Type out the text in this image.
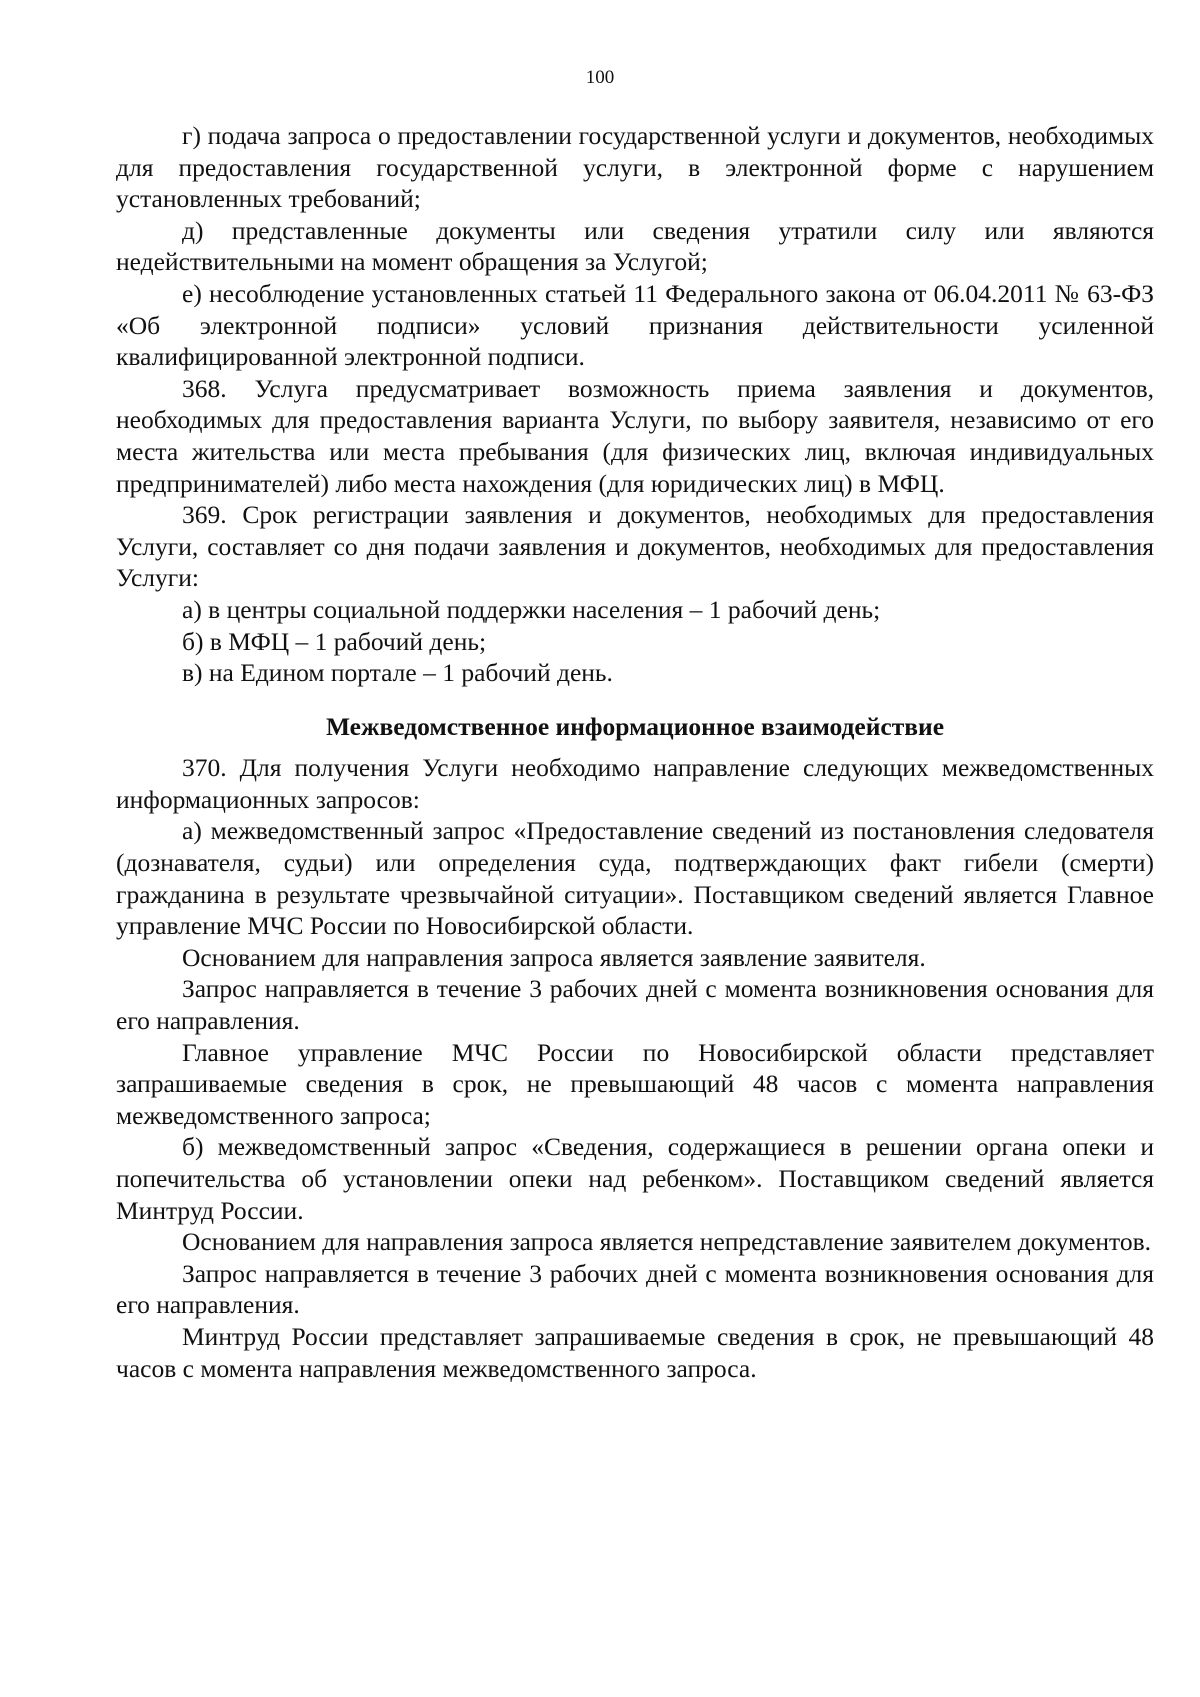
100

г) подача запроса о предоставлении государственной услуги и документов, необходимых для предоставления государственной услуги, в электронной форме с нарушением установленных требований;

д) представленные документы или сведения утратили силу или являются недействительными на момент обращения за Услугой;

е) несоблюдение установленных статьей 11 Федерального закона от 06.04.2011 № 63-ФЗ «Об электронной подписи» условий признания действительности усиленной квалифицированной электронной подписи.

368. Услуга предусматривает возможность приема заявления и документов, необходимых для предоставления варианта Услуги, по выбору заявителя, независимо от его места жительства или места пребывания (для физических лиц, включая индивидуальных предпринимателей) либо места нахождения (для юридических лиц) в МФЦ.

369. Срок регистрации заявления и документов, необходимых для предоставления Услуги, составляет со дня подачи заявления и документов, необходимых для предоставления Услуги:

а) в центры социальной поддержки населения – 1 рабочий день;

б) в МФЦ – 1 рабочий день;

в) на Едином портале – 1 рабочий день.

Межведомственное информационное взаимодействие

370. Для получения Услуги необходимо направление следующих межведомственных информационных запросов:

а) межведомственный запрос «Предоставление сведений из постановления следователя (дознавателя, судьи) или определения суда, подтверждающих факт гибели (смерти) гражданина в результате чрезвычайной ситуации». Поставщиком сведений является Главное управление МЧС России по Новосибирской области.

Основанием для направления запроса является заявление заявителя.

Запрос направляется в течение 3 рабочих дней с момента возникновения основания для его направления.

Главное управление МЧС России по Новосибирской области представляет запрашиваемые сведения в срок, не превышающий 48 часов с момента направления межведомственного запроса;

б) межведомственный запрос «Сведения, содержащиеся в решении органа опеки и попечительства об установлении опеки над ребенком». Поставщиком сведений является Минтруд России.

Основанием для направления запроса является непредставление заявителем документов.

Запрос направляется в течение 3 рабочих дней с момента возникновения основания для его направления.

Минтруд России представляет запрашиваемые сведения в срок, не превышающий 48 часов с момента направления межведомственного запроса.
